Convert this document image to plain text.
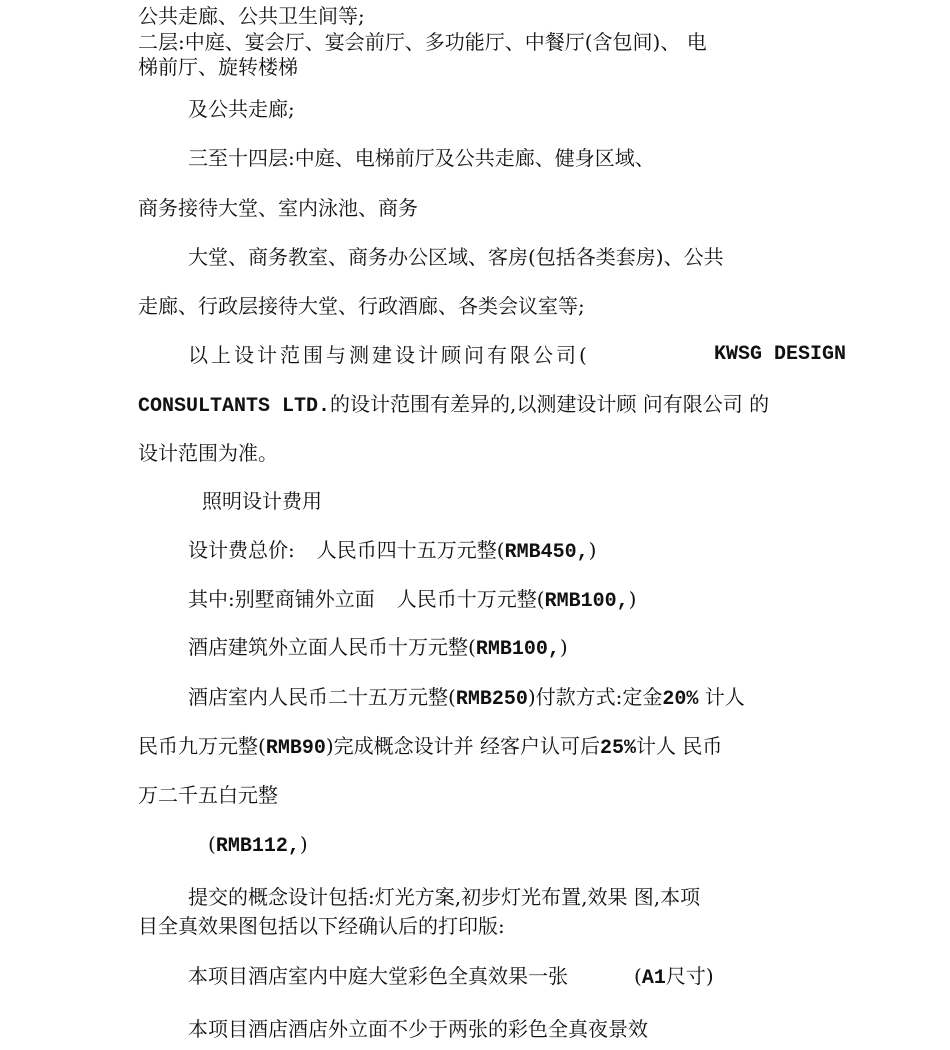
公共走廊、公共卫生间等;
二层:中庭、宴会厅、宴会前厅、多功能厅、中餐厅(含包间)、 电
梯前厅、旋转楼梯
及公共走廊;
三至十四层:中庭、电梯前厅及公共走廊、健身区域、
商务接待大堂、室内泳池、商务
大堂、商务教室、商务办公区域、客房(包括各类套房)、公共
走廊、行政层接待大堂、行政酒廊、各类会议室等;
以上设计范围与测建设计顾问有限公司(	KWSG DESIGN
CONSULTANTS LTD.的设计范围有差异的,以测建设计顾 问有限公司 的
设计范围为准。
照明设计费用
设计费总价: 人民币四十五万元整(RMB450,)
其中:别墅商铺外立面 人民币十万元整(RMB100,)
酒店建筑外立面人民币十万元整(RMB100,)
酒店室内人民币二十五万元整(RMB250)付款方式:定金20% 计人
民币九万元整(RMB90)完成概念设计并 经客户认可后25%计人 民币
万二千五白元整
(RMB112,)
提交的概念设计包括:灯光方案,初步灯光布置,效果 图,本项
目全真效果图包括以下经确认后的打印版:
本项目酒店室内中庭大堂彩色全真效果一张	(A1尺寸)
本项目酒店酒店外立面不少于两张的彩色全真夜景效
